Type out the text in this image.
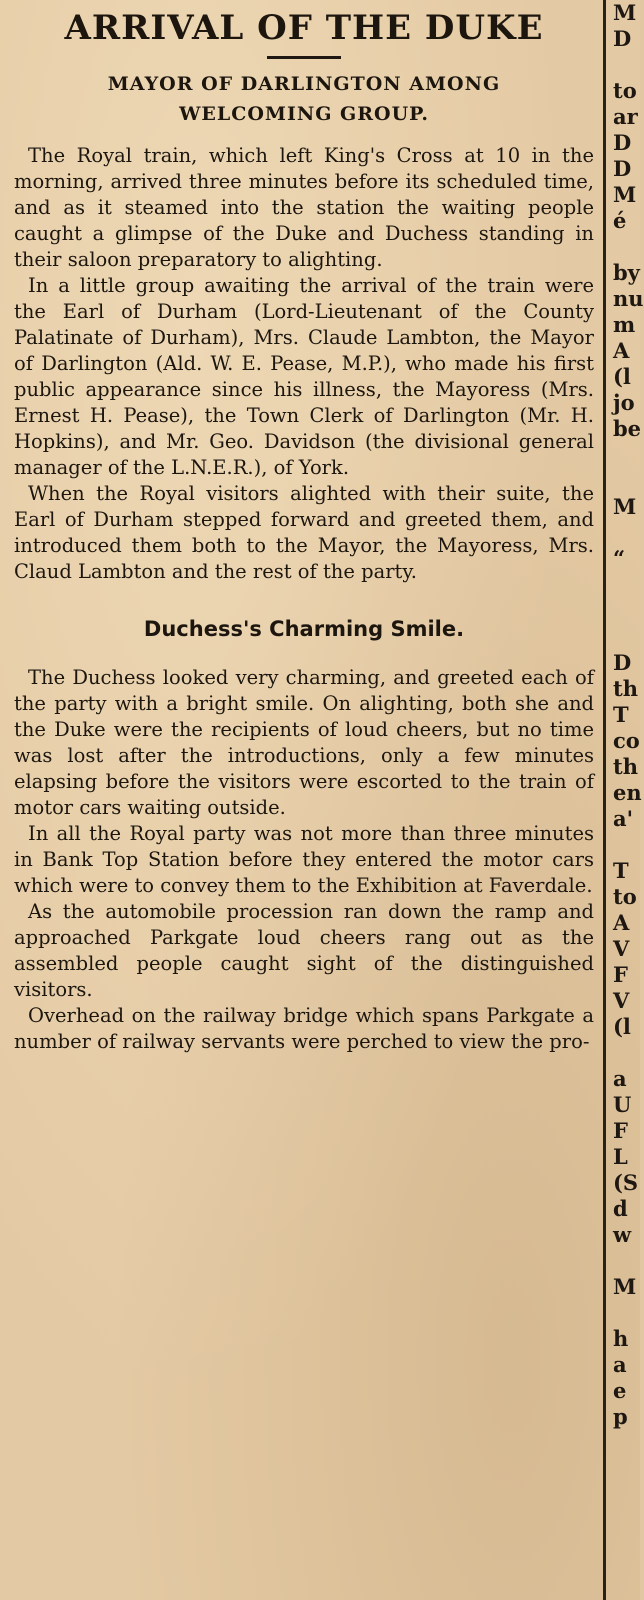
ARRIVAL OF THE DUKE
MAYOR OF DARLINGTON AMONG
WELCOMING GROUP.

The Royal train, which left King's Cross at 10 in the morning, arrived three minutes before its scheduled time, and as it steamed into the station the waiting people caught a glimpse of the Duke and Duchess standing in their saloon preparatory to alighting.

In a little group awaiting the arrival of the train were the Earl of Durham (Lord-Lieutenant of the County Palatinate of Durham), Mrs. Claude Lambton, the Mayor of Darlington (Ald. W. E. Pease, M.P.), who made his first public appearance since his illness, the Mayoress (Mrs. Ernest H. Pease), the Town Clerk of Darlington (Mr. H. Hopkins), and Mr. Geo. Davidson (the divisional general manager of the L.N.E.R.), of York.

When the Royal visitors alighted with their suite, the Earl of Durham stepped forward and greeted them, and introduced them both to the Mayor, the Mayoress, Mrs. Claud Lambton and the rest of the party.

Duchess's Charming Smile.

The Duchess looked very charming, and greeted each of the party with a bright smile. On alighting, both she and the Duke were the recipients of loud cheers, but no time was lost after the introductions, only a few minutes elapsing before the visitors were escorted to the train of motor cars waiting outside.

In all the Royal party was not more than three minutes in Bank Top Station before they entered the motor cars which were to convey them to the Exhibition at Faverdale.

As the automobile procession ran down the ramp and approached Parkgate loud cheers rang out as the assembled people caught sight of the distinguished visitors.

Overhead on the railway bridge which spans Parkgate a number of railway servants were perched to view the pro-

M
D

to
ar
D
D
M
é

by
nu
m
A
(l
jo
be

M

“

D
th
T
co
th
en
a'

T
to
A
V
F
V
(l

a
U
F
L
(S
d
w

M

h
a
e
p
